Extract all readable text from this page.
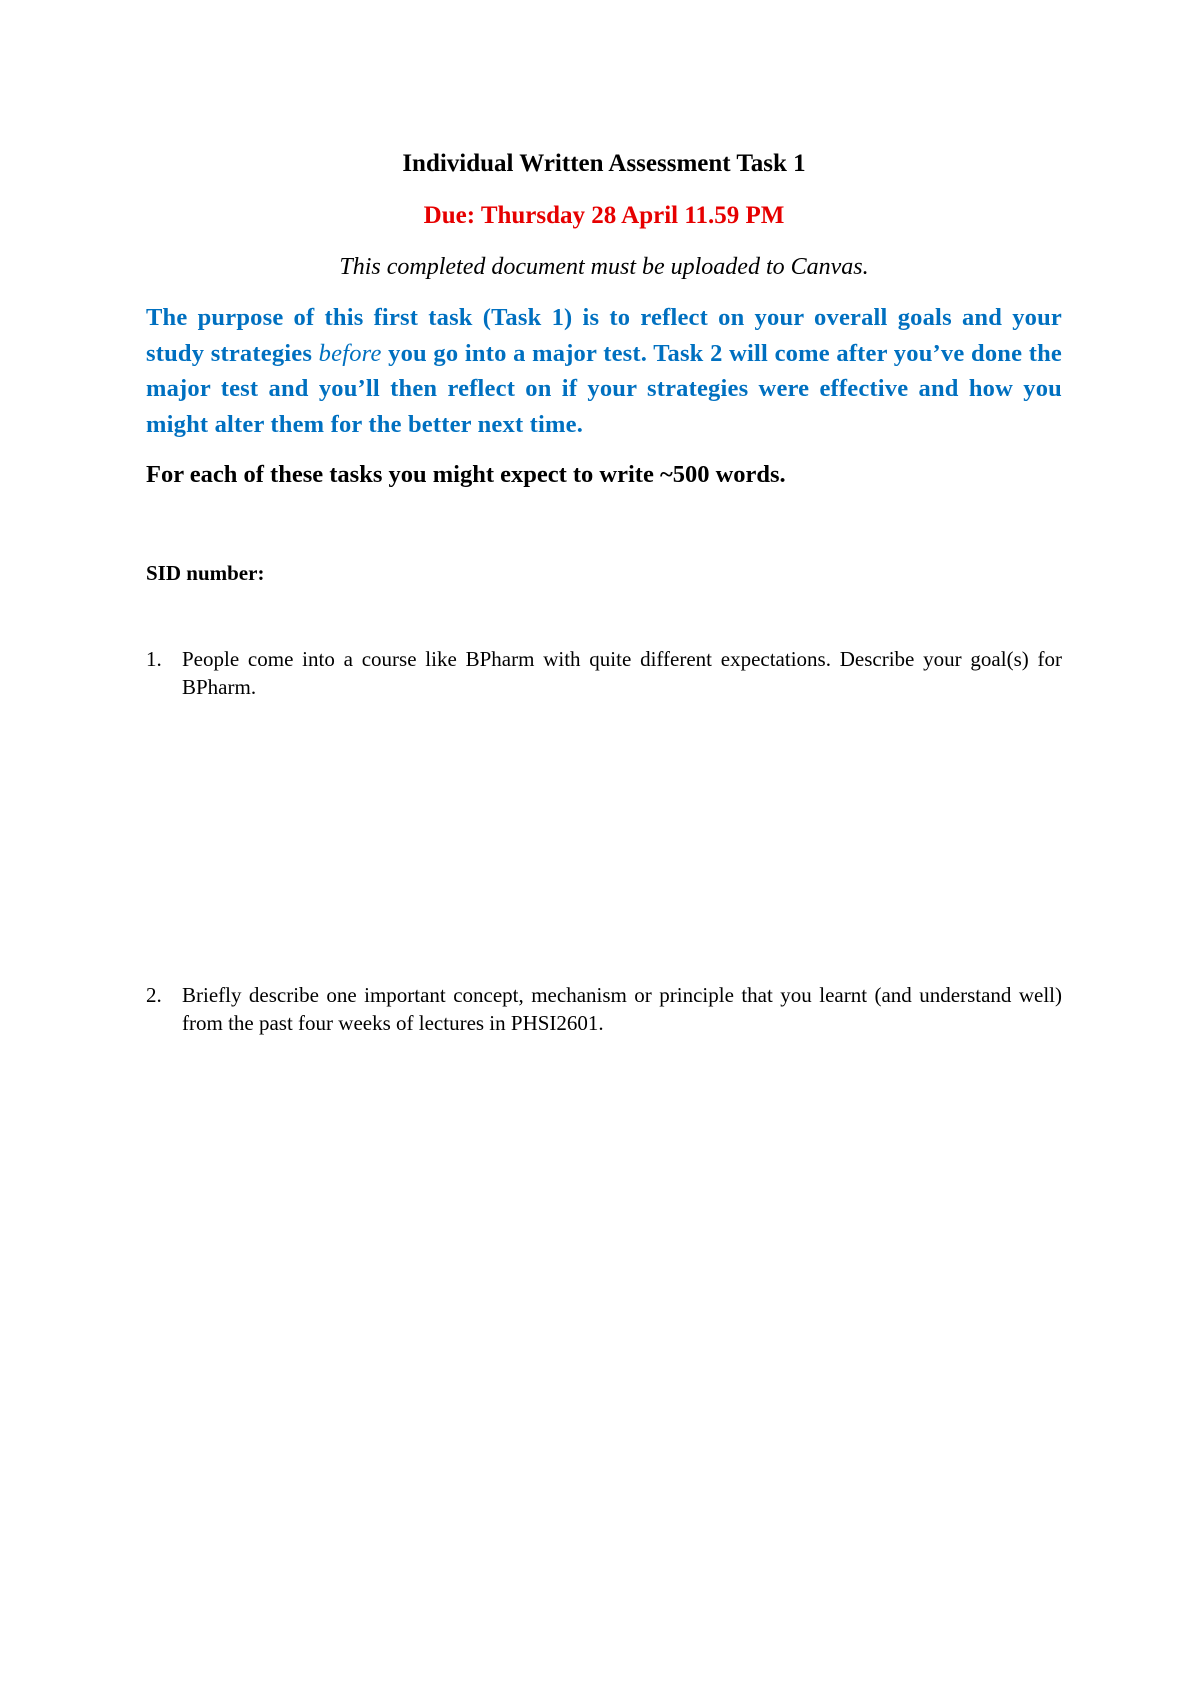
Individual Written Assessment Task 1

Due: Thursday 28 April 11.59 PM

This completed document must be uploaded to Canvas.

The purpose of this first task (Task 1) is to reflect on your overall goals and your study strategies before you go into a major test. Task 2 will come after you’ve done the major test and you’ll then reflect on if your strategies were effective and how you might alter them for the better next time.

For each of these tasks you might expect to write ~500 words.

SID number:

1. People come into a course like BPharm with quite different expectations. Describe your goal(s) for BPharm.
2. Briefly describe one important concept, mechanism or principle that you learnt (and understand well) from the past four weeks of lectures in PHSI2601.
